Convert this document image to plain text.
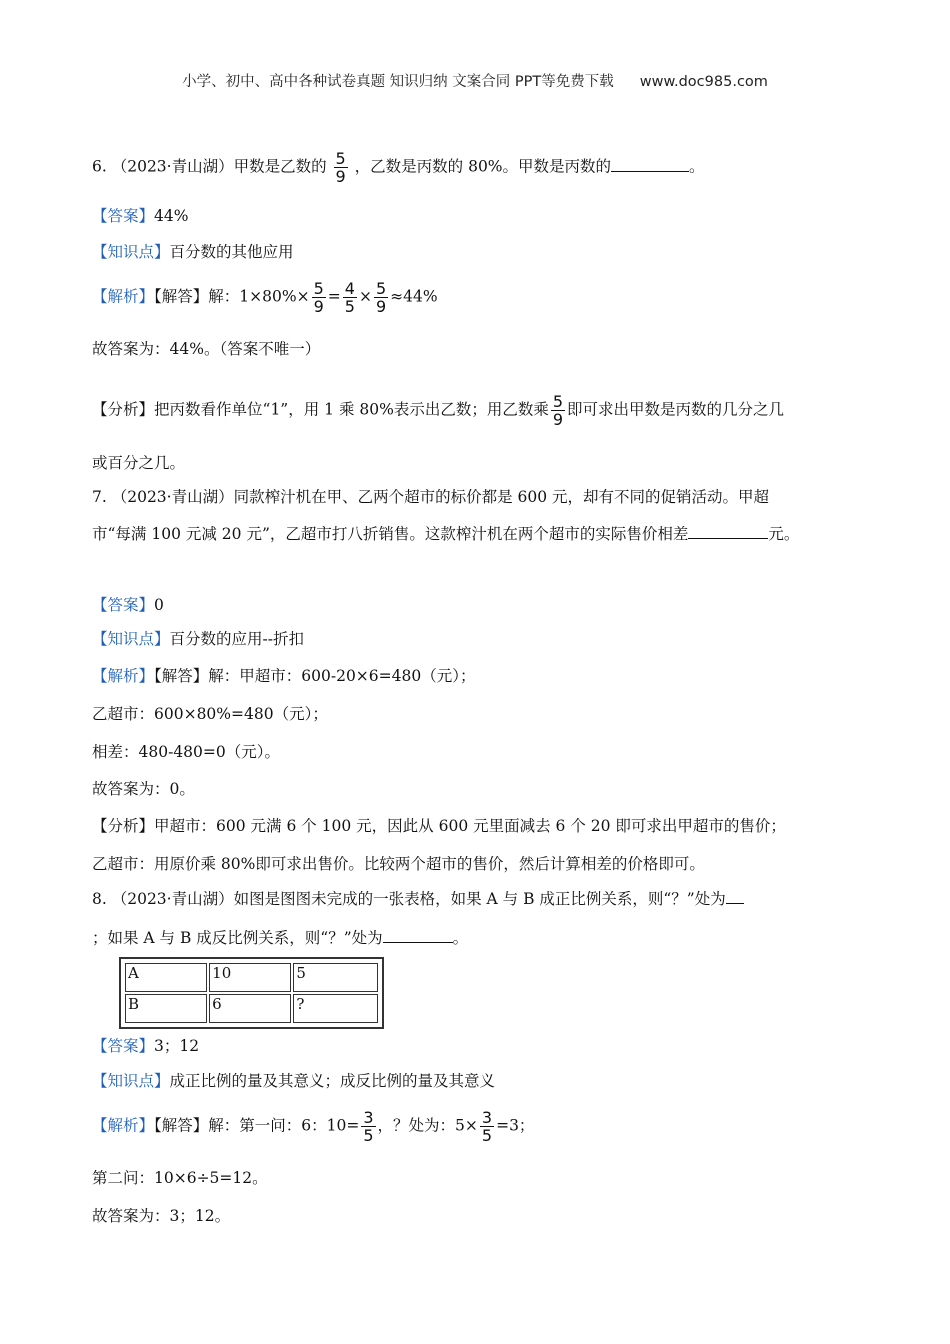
小学、初中、高中各种试卷真题 知识归纳 文案合同 PPT等免费下载 www.doc985.com
6. （2023·青山湖）甲数是乙数的 $\frac{5}{9}$ ，乙数是丙数的 80%。甲数是丙数的	。
【答案】44%
【知识点】百分数的其他应用
【解析】【解答】解：$1\times 80\%\times \frac{5}{9} = \frac{4}{5} \times \frac{5}{9} \approx 44\%$
故答案为：44%。（答案不唯一）
【分析】把丙数看作单位“1”，用 1 乘 80%表示出乙数；用乙数乘 $\frac{5}{9}$ 即可求出甲数是丙数的几分之几
或百分之几。
7. （2023·青山湖）同款榨汁机在甲、乙两个超市的标价都是 600 元，却有不同的促销活动。甲超
市“每满 100 元减 20 元”，乙超市打八折销售。这款榨汁机在两个超市的实际售价相差	元。
【答案】0
【知识点】百分数的应用--折扣
【解析】【解答】解：甲超市：600-20×6=480（元）；
乙超市：600×80%=480（元）；
相差：480-480=0（元）。
故答案为：0。
【分析】甲超市：600 元满 6 个 100 元，因此从 600 元里面减去 6 个 20 即可求出甲超市的售价；
乙超市：用原价乘 80%即可求出售价。比较两个超市的售价，然后计算相差的价格即可。
8. （2023·青山湖）如图是图图未完成的一张表格，如果 A 与 B 成正比例关系，则“？”处为
；如果 A 与 B 成反比例关系，则“？”处为	。
A	10	5
B	6	?
【答案】3；12
【知识点】成正比例的量及其意义；成反比例的量及其意义
【解析】【解答】解：第一问：6：$10= \frac{3}{5}$ ，？处为：$5\times \frac{3}{5} =3$；
第二问：10×6÷5=12。
故答案为：3；12。
